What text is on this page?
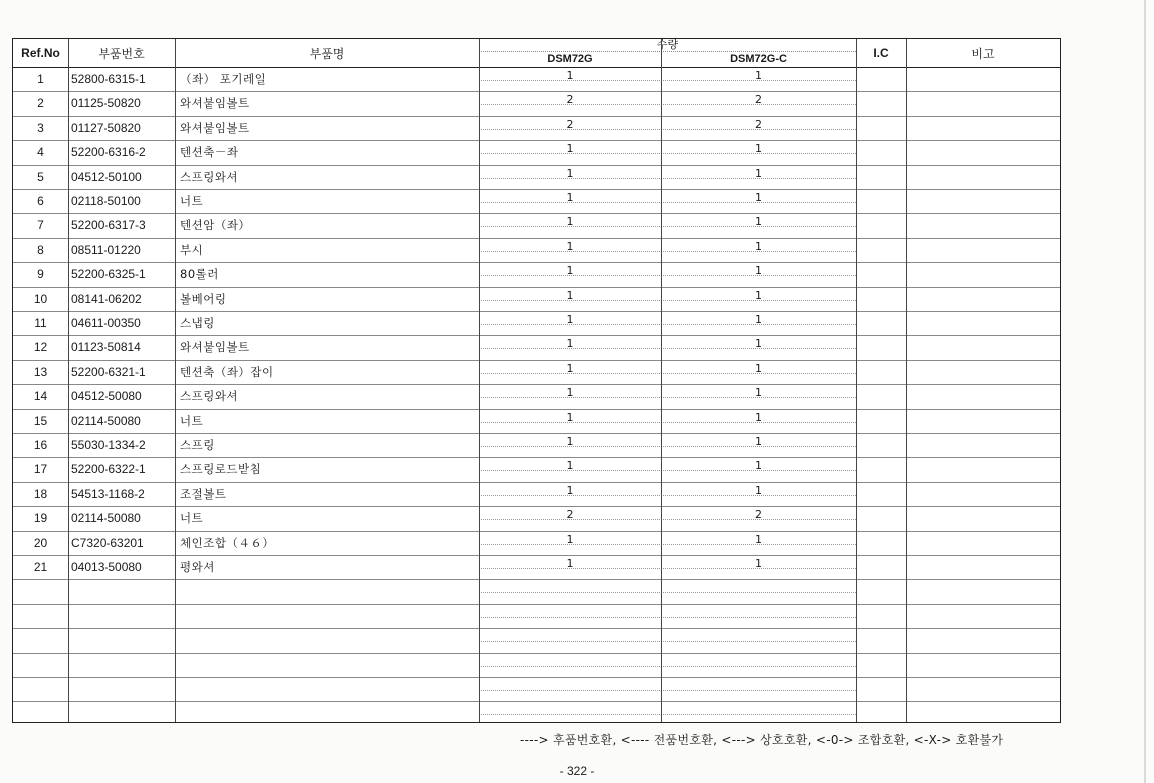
Ref.No	부품번호	부품명
수량
DSM72G	DSM72G-C	I.C	비고
1	52800-6315-1	（좌） 포기레일	1	1
2	01125-50820	와셔붙임볼트	2	2
3	01127-50820	와셔붙임볼트	2	2
4	52200-6316-2	텐션축－좌	1	1
5	04512-50100	스프링와셔	1	1
6	02118-50100	너트	1	1
7	52200-6317-3	텐션암（좌）	1	1
8	08511-01220	부시	1	1
9	52200-6325-1	80롤러	1	1
10	08141-06202	볼베어링	1	1
11	04611-00350	스냅링	1	1
12	01123-50814	와셔붙임볼트	1	1
13	52200-6321-1	텐션축（좌）잡이	1	1
14	04512-50080	스프링와셔	1	1
15	02114-50080	너트	1	1
16	55030-1334-2	스프링	1	1
17	52200-6322-1	스프링로드받침	1	1
18	54513-1168-2	조절볼트	1	1
19	02114-50080	너트	2	2
20	C7320-63201	체인조합（４６）	1	1
21	04013-50080	평와셔	1	1
----> 후품번호환, <---- 전품번호환, <---> 상호호환, <-0-> 조합호환, <-X-> 호환불가
- 322 -
